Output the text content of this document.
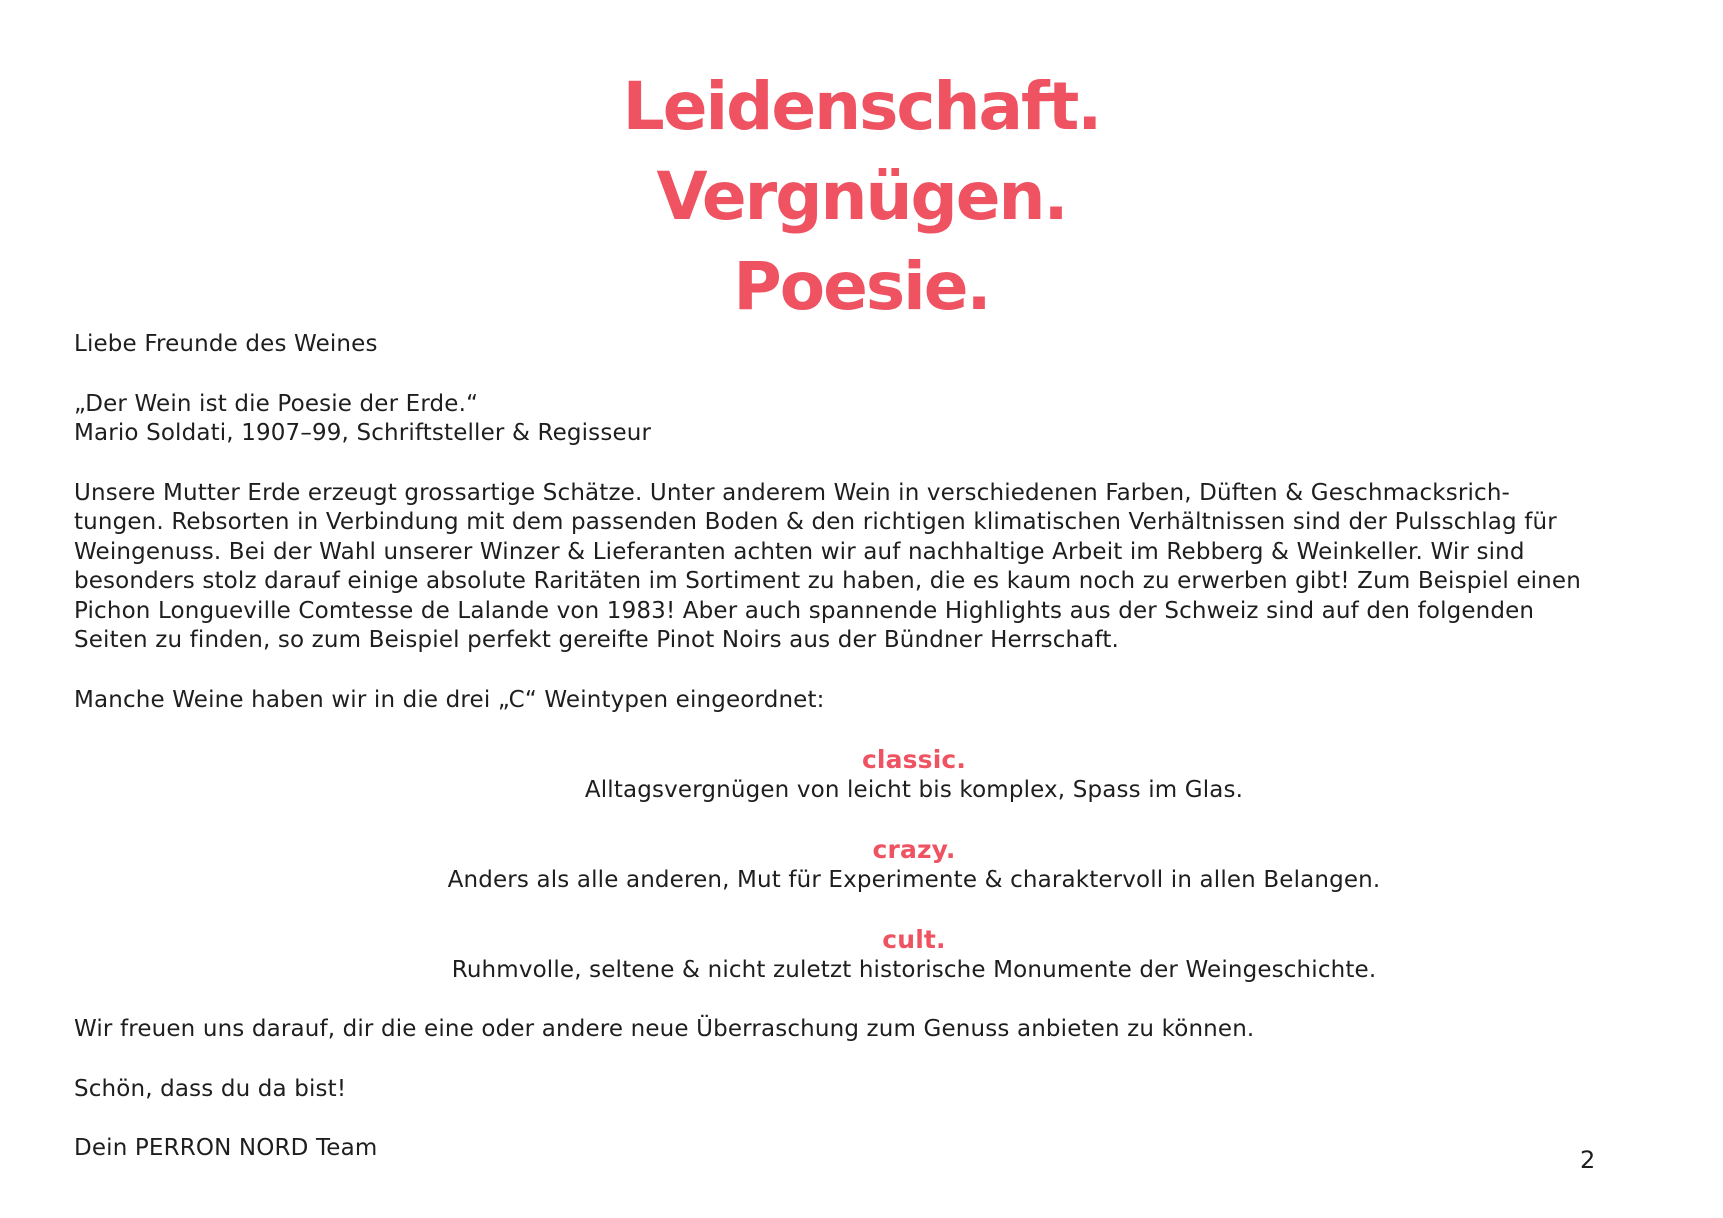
Leidenschaft.
Vergnügen.
Poesie.

Liebe Freunde des Weines

„Der Wein ist die Poesie der Erde.“

Mario Soldati, 1907–99, Schriftsteller & Regisseur

Unsere Mutter Erde erzeugt grossartige Schätze. Unter anderem Wein in verschiedenen Farben, Düften & Geschmacksrich-

tungen. Rebsorten in Verbindung mit dem passenden Boden & den richtigen klimatischen Verhältnissen sind der Pulsschlag für

Weingenuss. Bei der Wahl unserer Winzer & Lieferanten achten wir auf nachhaltige Arbeit im Rebberg & Weinkeller. Wir sind

besonders stolz darauf einige absolute Raritäten im Sortiment zu haben, die es kaum noch zu erwerben gibt! Zum Beispiel einen

Pichon Longueville Comtesse de Lalande von 1983! Aber auch spannende Highlights aus der Schweiz sind auf den folgenden

Seiten zu finden, so zum Beispiel perfekt gereifte Pinot Noirs aus der Bündner Herrschaft.

Manche Weine haben wir in die drei „C“ Weintypen eingeordnet:

classic.
Alltagsvergnügen von leicht bis komplex, Spass im Glas.
crazy.
Anders als alle anderen, Mut für Experimente & charaktervoll in allen Belangen.
cult.
Ruhmvolle, seltene & nicht zuletzt historische Monumente der Weingeschichte.

Wir freuen uns darauf, dir die eine oder andere neue Überraschung zum Genuss anbieten zu können.

Schön, dass du da bist!

Dein PERRON NORD Team	2
